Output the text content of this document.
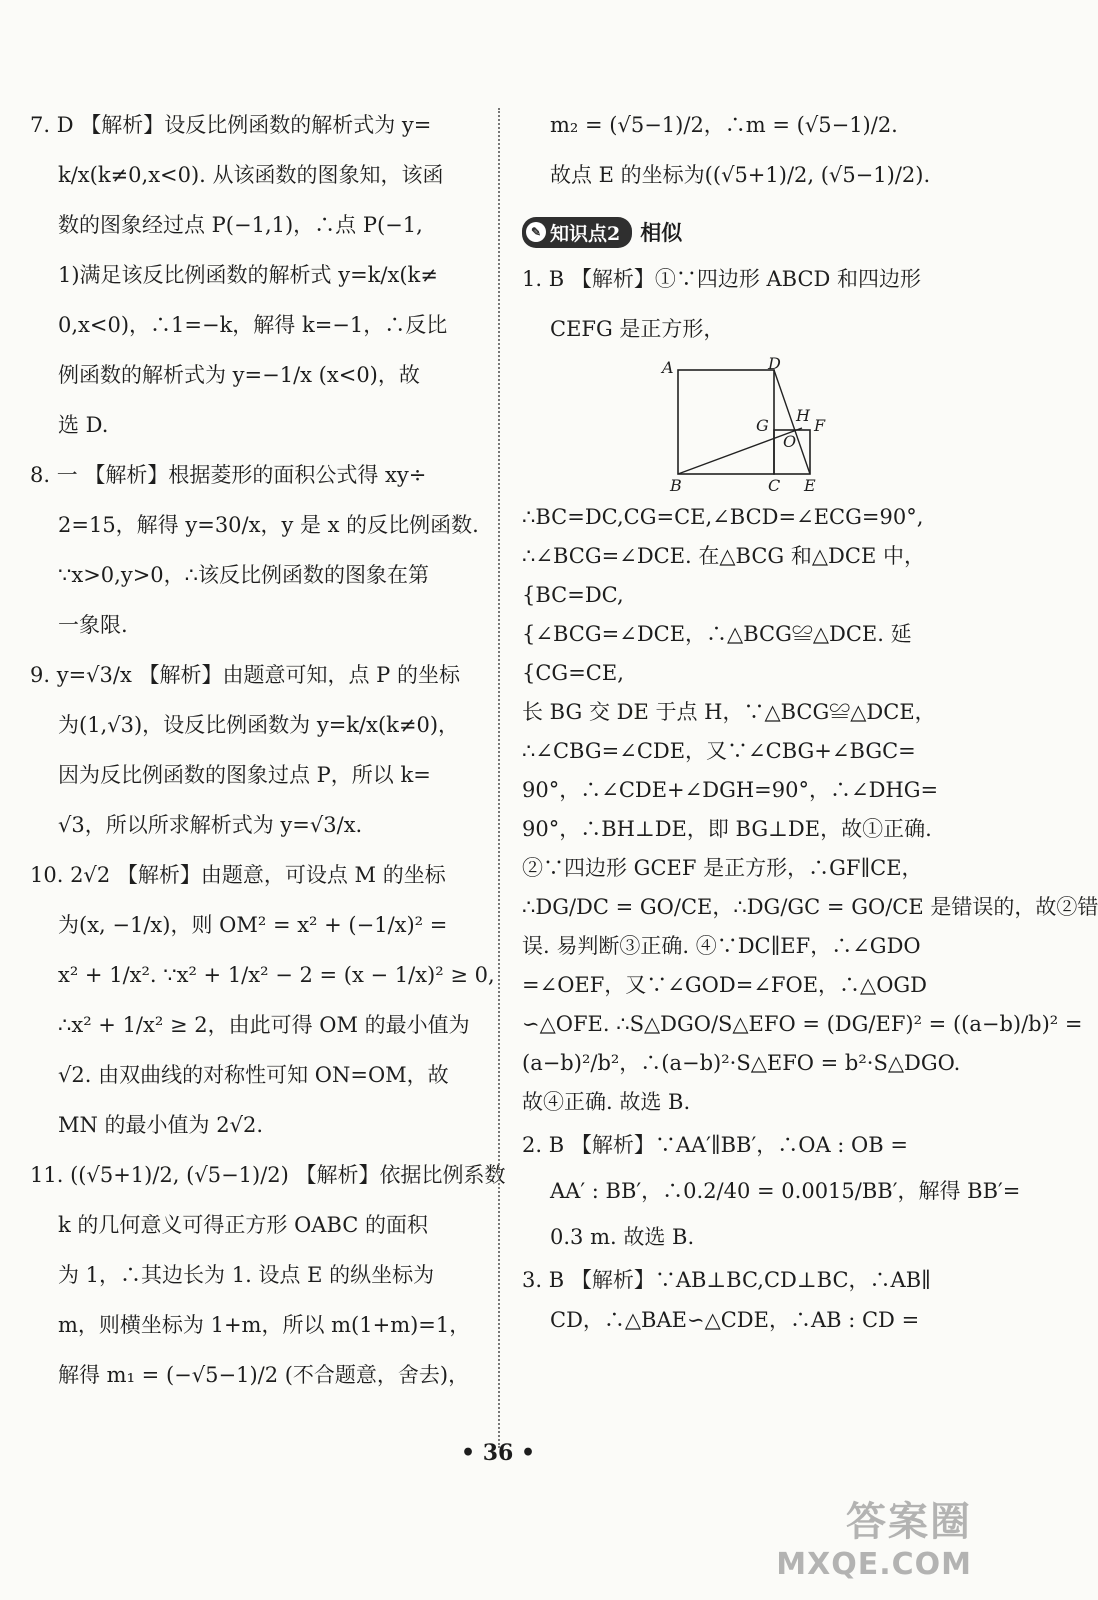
7. D 【解析】设反比例函数的解析式为 y=
k/x(k≠0,x<0). 从该函数的图象知，该函
数的图象经过点 P(−1,1)，∴点 P(−1,
1)满足该反比例函数的解析式 y=k/x(k≠
0,x<0)，∴1=−k，解得 k=−1，∴反比
例函数的解析式为 y=−1/x (x<0)，故
选 D.
8. 一 【解析】根据菱形的面积公式得 xy÷
2=15，解得 y=30/x，y 是 x 的反比例函数.
∵x>0,y>0，∴该反比例函数的图象在第
一象限.
9. y=√3/x 【解析】由题意可知，点 P 的坐标
为(1,√3)，设反比例函数为 y=k/x(k≠0)，
因为反比例函数的图象过点 P，所以 k=
√3，所以所求解析式为 y=√3/x.
10. 2√2 【解析】由题意，可设点 M 的坐标
为(x, −1/x)，则 OM² = x² + (−1/x)² =
x² + 1/x². ∵x² + 1/x² − 2 = (x − 1/x)² ≥ 0,
∴x² + 1/x² ≥ 2，由此可得 OM 的最小值为
√2. 由双曲线的对称性可知 ON=OM，故
MN 的最小值为 2√2.
11. ((√5+1)/2, (√5−1)/2) 【解析】依据比例系数
k 的几何意义可得正方形 OABC 的面积
为 1，∴其边长为 1. 设点 E 的纵坐标为
m，则横坐标为 1+m，所以 m(1+m)=1，
解得 m₁ = (−√5−1)/2 (不合题意，舍去)，
m₂ = (√5−1)/2，∴m = (√5−1)/2.
故点 E 的坐标为((√5+1)/2, (√5−1)/2).
✎ 知识点2 相似
1. B 【解析】①∵四边形 ABCD 和四边形
CEFG 是正方形，
A	D
G
H
F
O
B	C E
∴BC=DC,CG=CE,∠BCD=∠ECG=90°,
∴∠BCG=∠DCE. 在△BCG 和△DCE 中，
{BC=DC,
{∠BCG=∠DCE，∴△BCG≌△DCE. 延
{CG=CE,
长 BG 交 DE 于点 H，∵△BCG≌△DCE，
∴∠CBG=∠CDE，又∵∠CBG+∠BGC=
90°，∴∠CDE+∠DGH=90°，∴∠DHG=
90°，∴BH⊥DE，即 BG⊥DE，故①正确.
②∵四边形 GCEF 是正方形，∴GF∥CE，
∴DG/DC = GO/CE，∴DG/GC = GO/CE 是错误的，故②错
误. 易判断③正确. ④∵DC∥EF，∴∠GDO
=∠OEF，又∵∠GOD=∠FOE，∴△OGD
∽△OFE. ∴S△DGO/S△EFO = (DG/EF)² = ((a−b)/b)² =
(a−b)²/b²，∴(a−b)²·S△EFO = b²·S△DGO.
故④正确. 故选 B.
2. B 【解析】∵AA′∥BB′，∴OA : OB =
AA′ : BB′，∴0.2/40 = 0.0015/BB′，解得 BB′=
0.3 m. 故选 B.
3. B 【解析】∵AB⊥BC,CD⊥BC，∴AB∥
CD，∴△BAE∽△CDE，∴AB : CD =
• 36 •
答案圈
MXQE.COM
